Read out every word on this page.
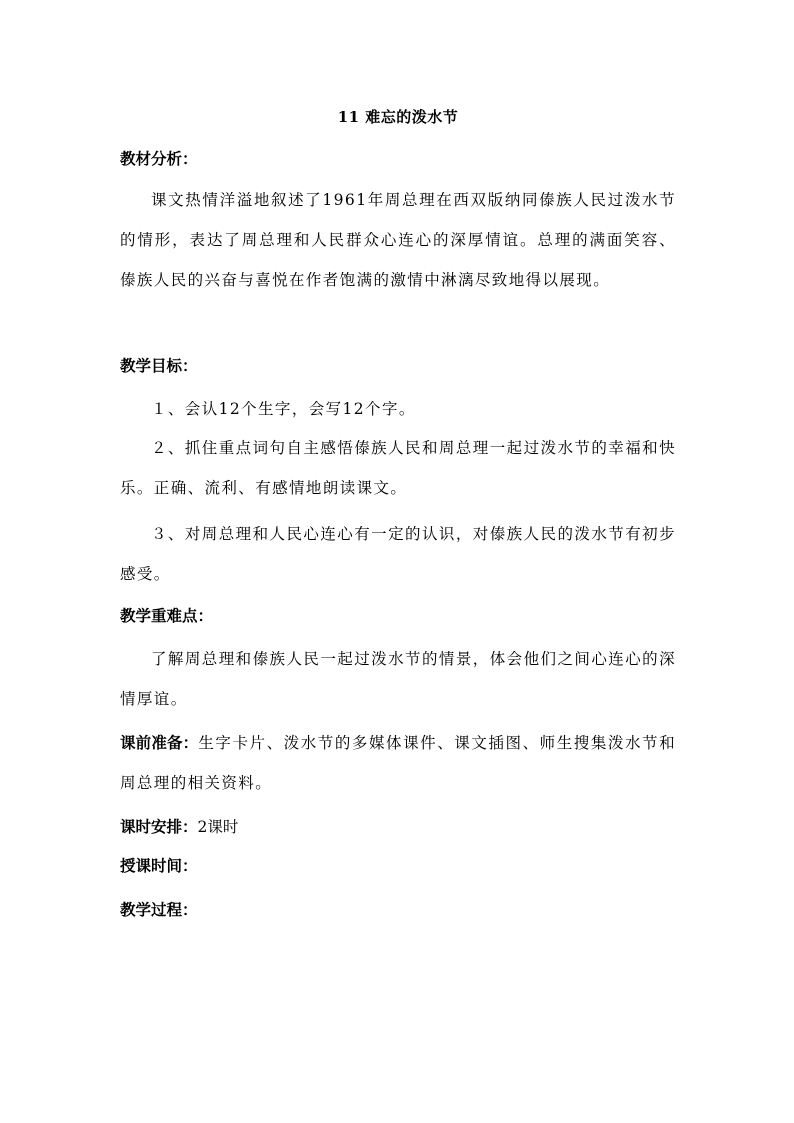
11 难忘的泼水节
教材分析：
课文热情洋溢地叙述了1961年周总理在西双版纳同傣族人民过泼水节的情形，表达了周总理和人民群众心连心的深厚情谊。总理的满面笑容、傣族人民的兴奋与喜悦在作者饱满的激情中淋漓尽致地得以展现。
教学目标：
１、会认12个生字，会写12个字。
２、抓住重点词句自主感悟傣族人民和周总理一起过泼水节的幸福和快乐。正确、流利、有感情地朗读课文。
３、对周总理和人民心连心有一定的认识，对傣族人民的泼水节有初步感受。
教学重难点：
了解周总理和傣族人民一起过泼水节的情景，体会他们之间心连心的深情厚谊。
课前准备：生字卡片、泼水节的多媒体课件、课文插图、师生搜集泼水节和周总理的相关资料。
课时安排：2课时
授课时间：
教学过程：
